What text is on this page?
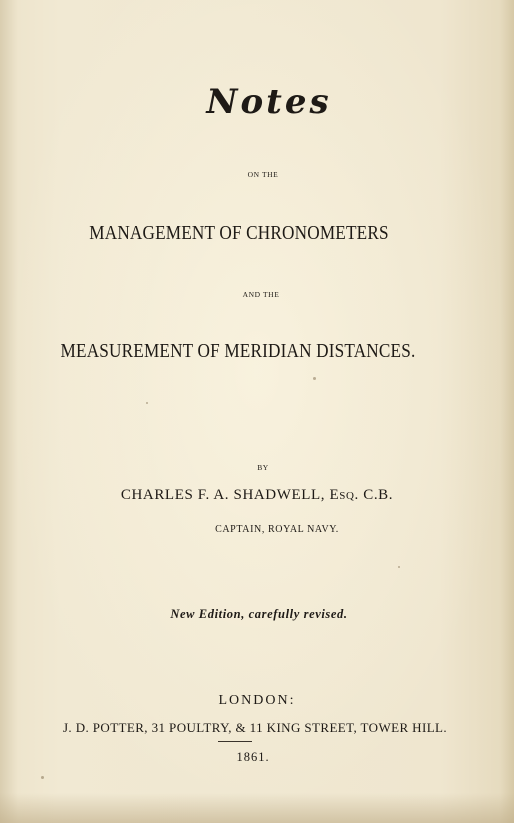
Notes
ON THE
MANAGEMENT OF CHRONOMETERS
AND THE
MEASUREMENT OF MERIDIAN DISTANCES.
BY
CHARLES F. A. SHADWELL, Esq. C.B.
CAPTAIN, ROYAL NAVY.
New Edition, carefully revised.
LONDON:
J. D. POTTER, 31 POULTRY, & 11 KING STREET, TOWER HILL.
1861.
